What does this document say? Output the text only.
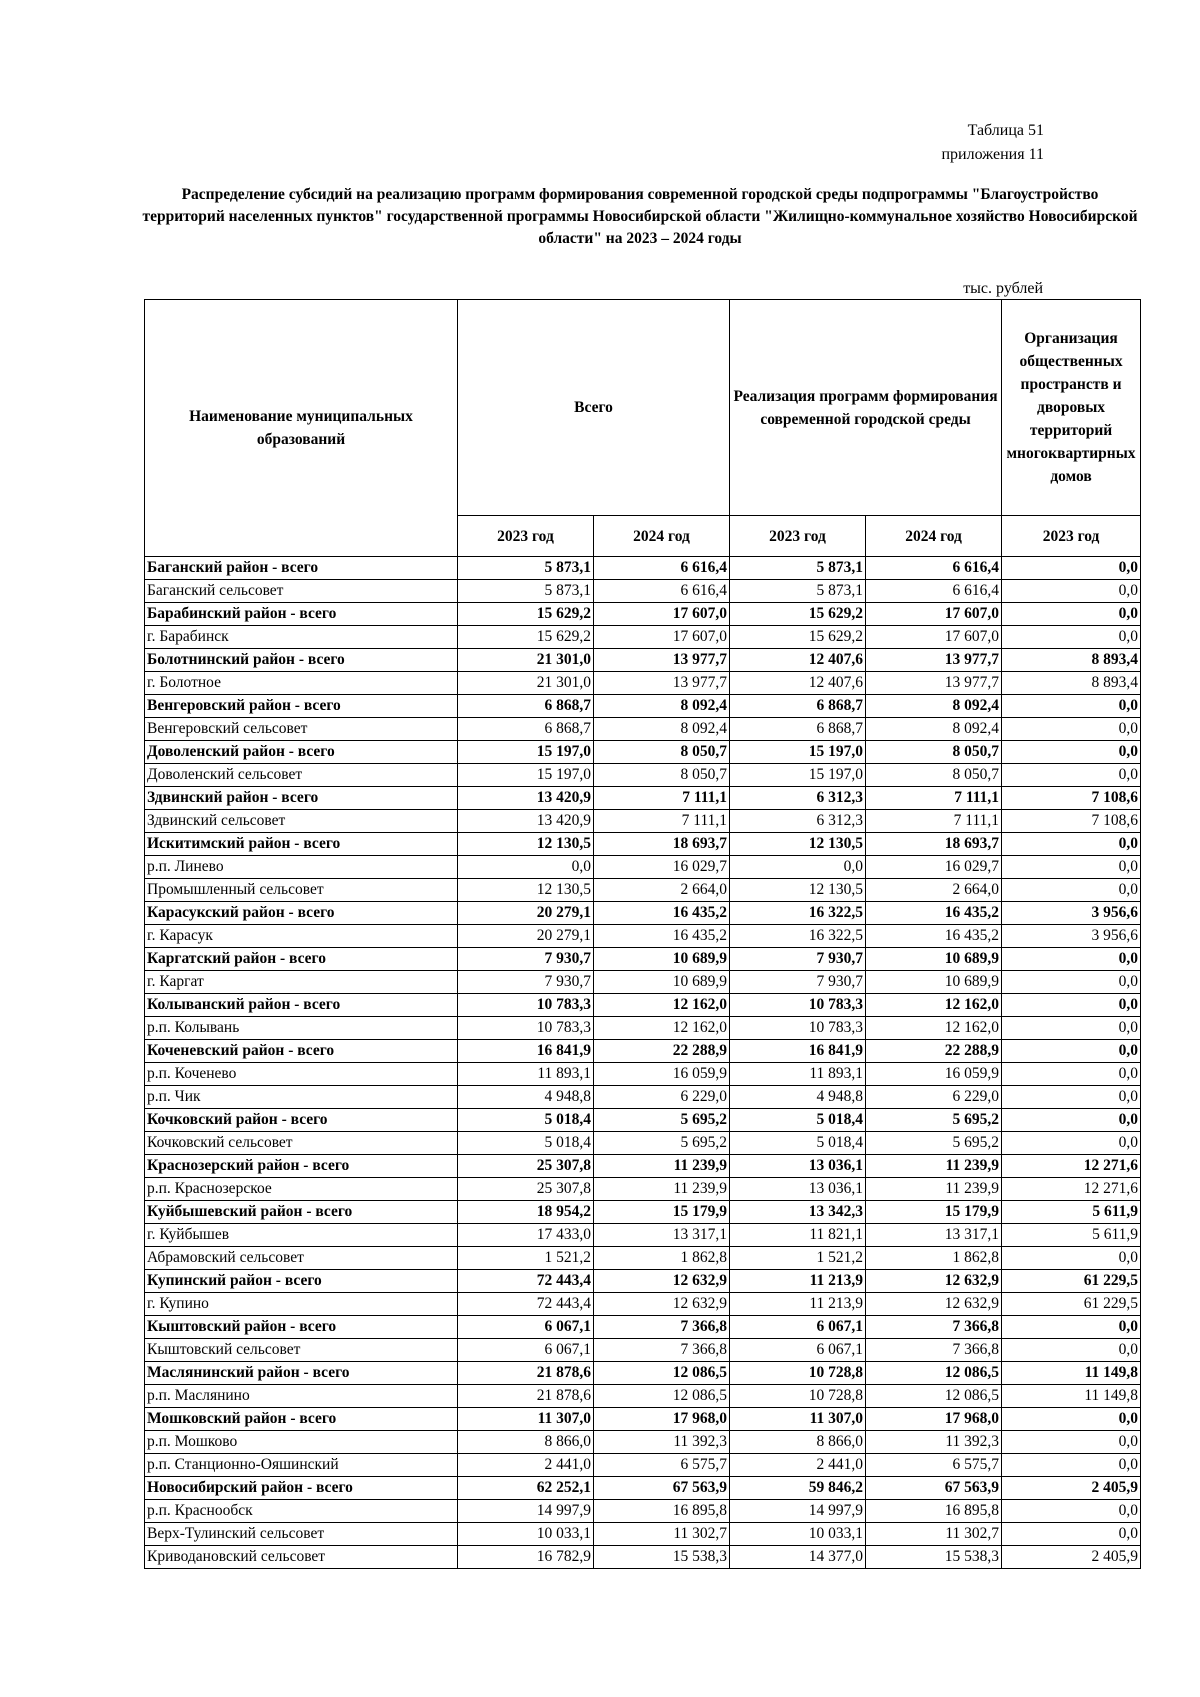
Таблица 51
приложения 11
Распределение субсидий на реализацию программ формирования современной городской среды подпрограммы "Благоустройство территорий населенных пунктов" государственной программы Новосибирской области "Жилищно-коммунальное хозяйство Новосибирской области" на 2023 – 2024 годы
тыс. рублей
Наименование муниципальных образований	Всего		Реализация программ формирования современной городской среды		Организация общественных пространств и дворовых территорий многоквартирных домов
	2023 год	2024 год	2023 год	2024 год	2023 год
Баганский район - всего	5 873,1	6 616,4	5 873,1	6 616,4	0,0
Баганский сельсовет	5 873,1	6 616,4	5 873,1	6 616,4	0,0
Барабинский район - всего	15 629,2	17 607,0	15 629,2	17 607,0	0,0
г. Барабинск	15 629,2	17 607,0	15 629,2	17 607,0	0,0
Болотнинский район - всего	21 301,0	13 977,7	12 407,6	13 977,7	8 893,4
г. Болотное	21 301,0	13 977,7	12 407,6	13 977,7	8 893,4
Венгеровский район - всего	6 868,7	8 092,4	6 868,7	8 092,4	0,0
Венгеровский сельсовет	6 868,7	8 092,4	6 868,7	8 092,4	0,0
Доволенский район - всего	15 197,0	8 050,7	15 197,0	8 050,7	0,0
Доволенский сельсовет	15 197,0	8 050,7	15 197,0	8 050,7	0,0
Здвинский район - всего	13 420,9	7 111,1	6 312,3	7 111,1	7 108,6
Здвинский сельсовет	13 420,9	7 111,1	6 312,3	7 111,1	7 108,6
Искитимский район - всего	12 130,5	18 693,7	12 130,5	18 693,7	0,0
р.п. Линево	0,0	16 029,7	0,0	16 029,7	0,0
Промышленный сельсовет	12 130,5	2 664,0	12 130,5	2 664,0	0,0
Карасукский район - всего	20 279,1	16 435,2	16 322,5	16 435,2	3 956,6
г. Карасук	20 279,1	16 435,2	16 322,5	16 435,2	3 956,6
Каргатский район - всего	7 930,7	10 689,9	7 930,7	10 689,9	0,0
г. Каргат	7 930,7	10 689,9	7 930,7	10 689,9	0,0
Колыванский район - всего	10 783,3	12 162,0	10 783,3	12 162,0	0,0
р.п. Колывань	10 783,3	12 162,0	10 783,3	12 162,0	0,0
Коченевский район - всего	16 841,9	22 288,9	16 841,9	22 288,9	0,0
р.п. Коченево	11 893,1	16 059,9	11 893,1	16 059,9	0,0
р.п. Чик	4 948,8	6 229,0	4 948,8	6 229,0	0,0
Кочковский район - всего	5 018,4	5 695,2	5 018,4	5 695,2	0,0
Кочковский сельсовет	5 018,4	5 695,2	5 018,4	5 695,2	0,0
Краснозерский район - всего	25 307,8	11 239,9	13 036,1	11 239,9	12 271,6
р.п. Краснозерское	25 307,8	11 239,9	13 036,1	11 239,9	12 271,6
Куйбышевский район - всего	18 954,2	15 179,9	13 342,3	15 179,9	5 611,9
г. Куйбышев	17 433,0	13 317,1	11 821,1	13 317,1	5 611,9
Абрамовский сельсовет	1 521,2	1 862,8	1 521,2	1 862,8	0,0
Купинский район - всего	72 443,4	12 632,9	11 213,9	12 632,9	61 229,5
г. Купино	72 443,4	12 632,9	11 213,9	12 632,9	61 229,5
Кыштовский район - всего	6 067,1	7 366,8	6 067,1	7 366,8	0,0
Кыштовский сельсовет	6 067,1	7 366,8	6 067,1	7 366,8	0,0
Маслянинский район - всего	21 878,6	12 086,5	10 728,8	12 086,5	11 149,8
р.п. Маслянино	21 878,6	12 086,5	10 728,8	12 086,5	11 149,8
Мошковский район - всего	11 307,0	17 968,0	11 307,0	17 968,0	0,0
р.п. Мошково	8 866,0	11 392,3	8 866,0	11 392,3	0,0
р.п. Станционно-Ояшинский	2 441,0	6 575,7	2 441,0	6 575,7	0,0
Новосибирский район - всего	62 252,1	67 563,9	59 846,2	67 563,9	2 405,9
р.п. Краснообск	14 997,9	16 895,8	14 997,9	16 895,8	0,0
Верх-Тулинский сельсовет	10 033,1	11 302,7	10 033,1	11 302,7	0,0
Криводановский сельсовет	16 782,9	15 538,3	14 377,0	15 538,3	2 405,9
